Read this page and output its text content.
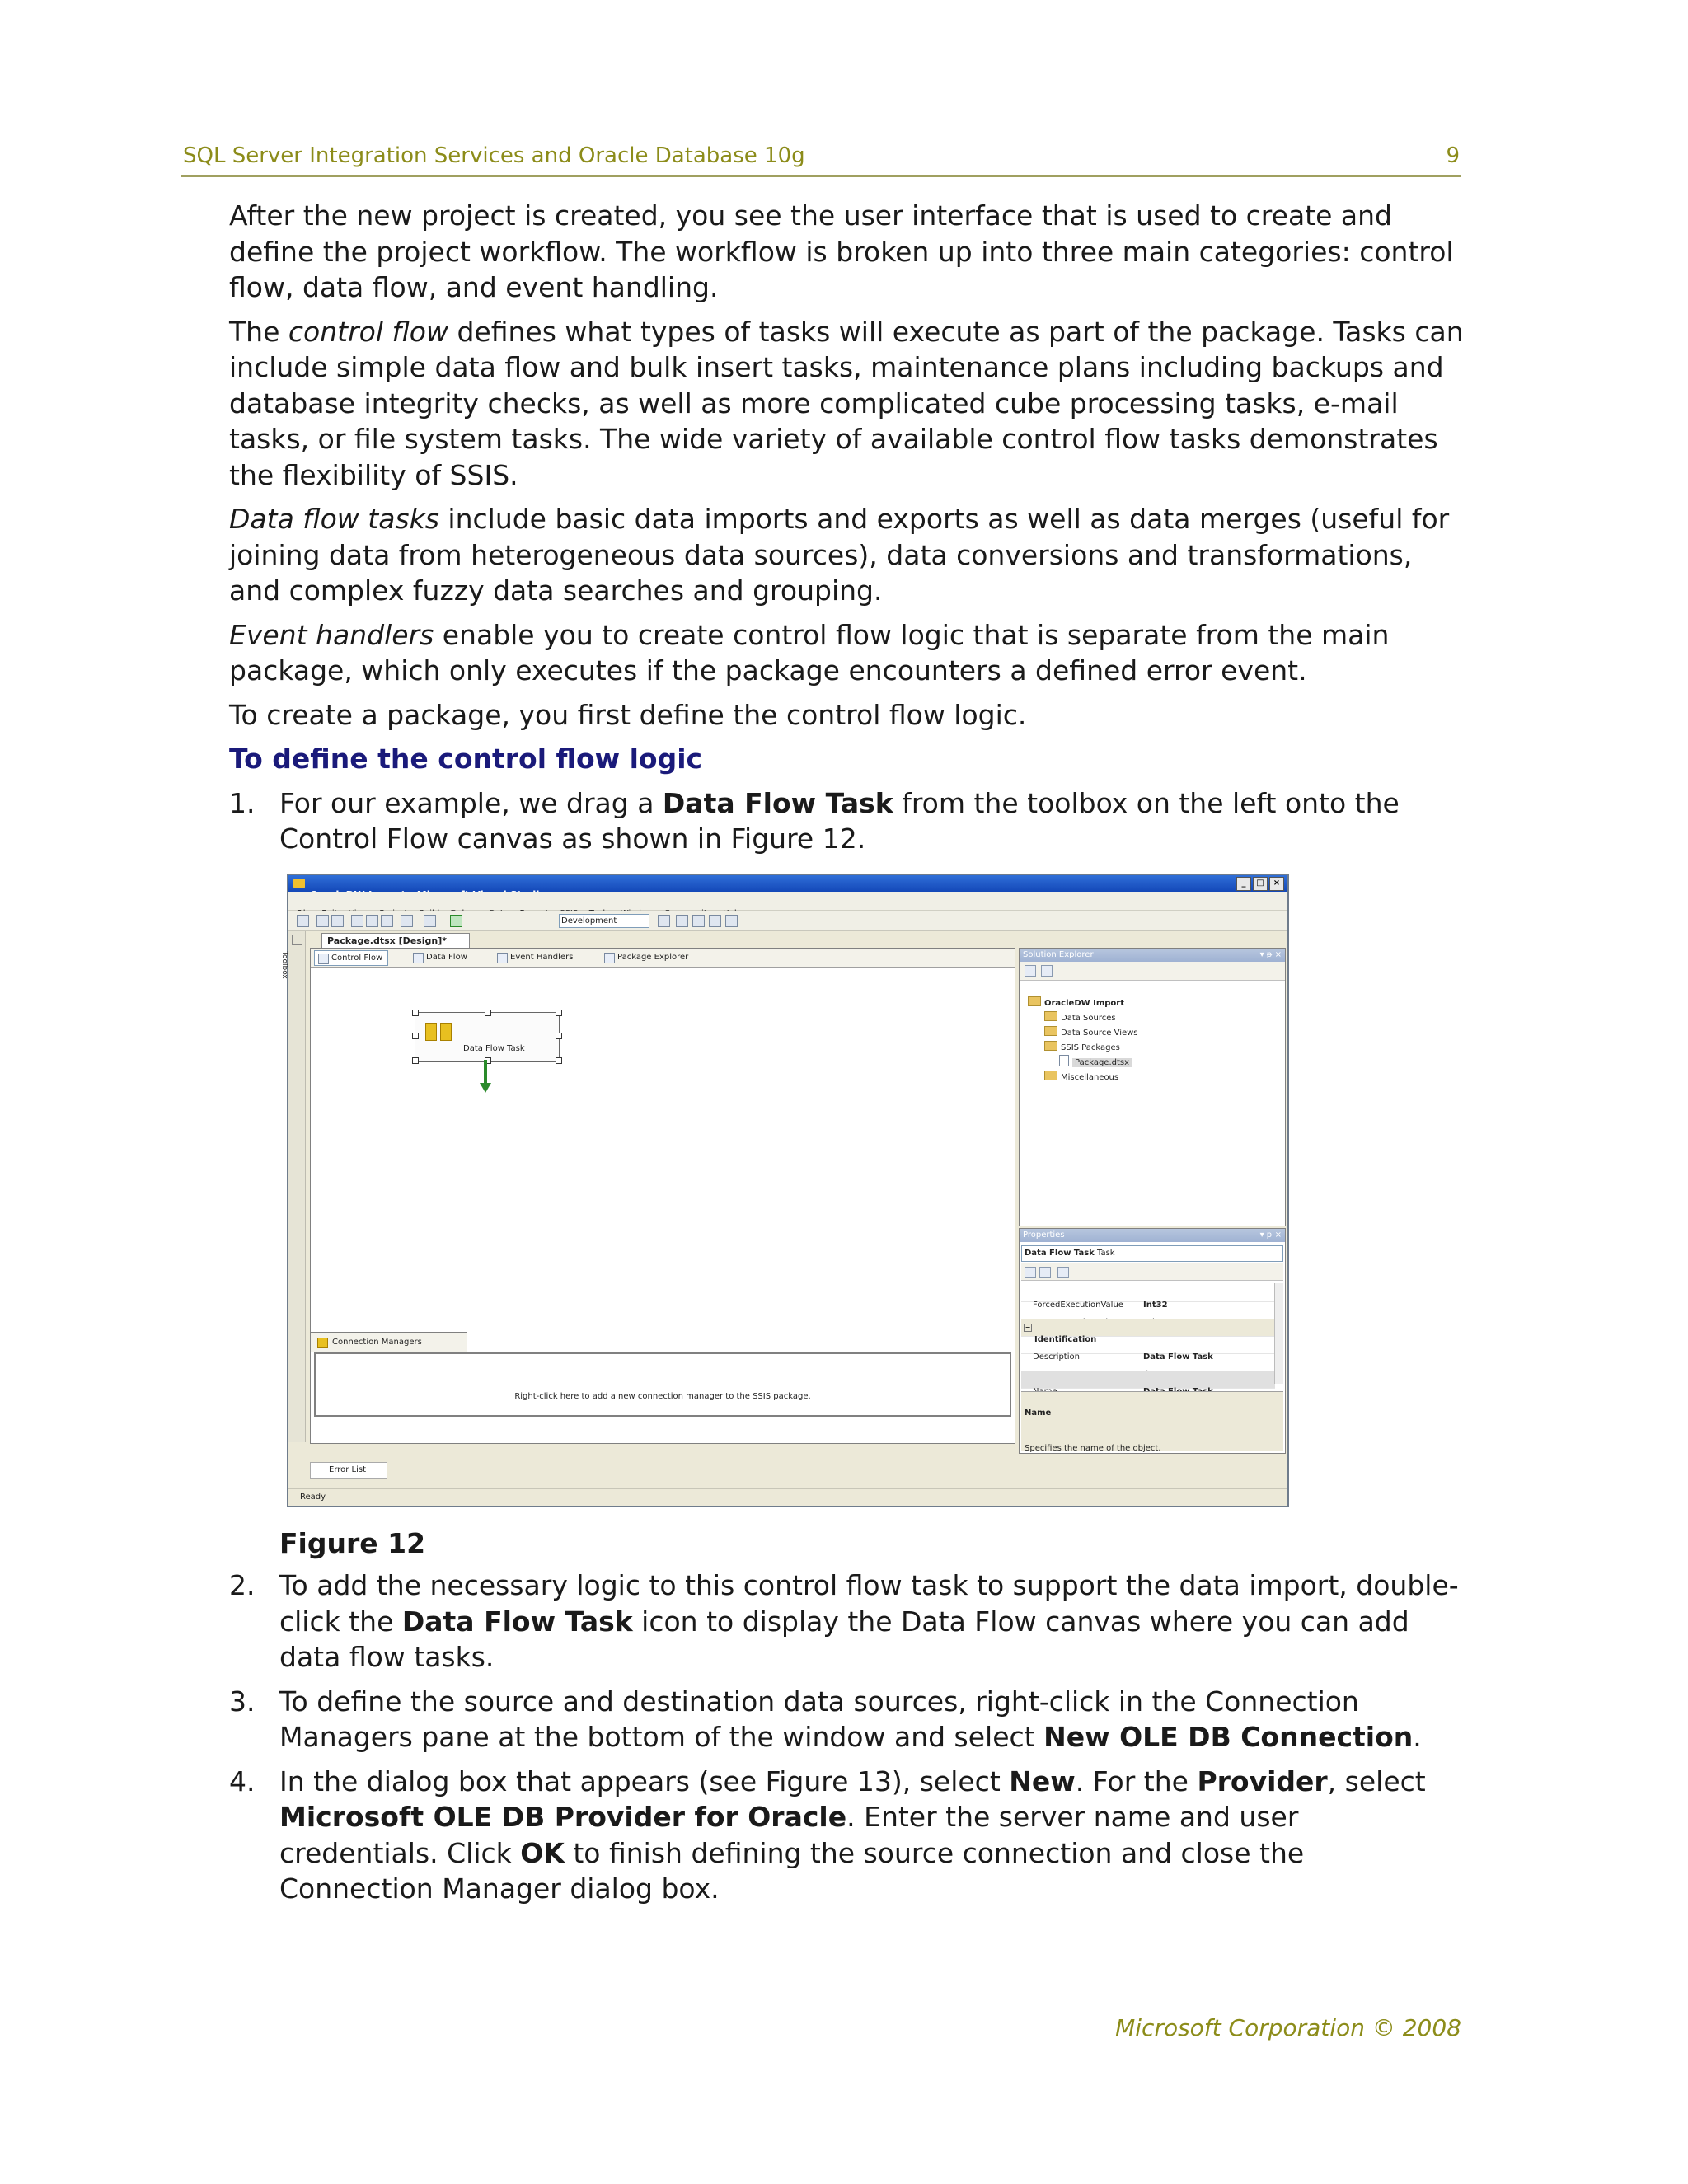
SQL Server Integration Services and Oracle Database 10g	9

After the new project is created, you see the user interface that is used to create and define the project workflow. The workflow is broken up into three main categories: control flow, data flow, and event handling.

The control flow defines what types of tasks will execute as part of the package. Tasks can include simple data flow and bulk insert tasks, maintenance plans including backups and database integrity checks, as well as more complicated cube processing tasks, e-mail tasks, or file system tasks. The wide variety of available control flow tasks demonstrates the flexibility of SSIS.

Data flow tasks include basic data imports and exports as well as data merges (useful for joining data from heterogeneous data sources), data conversions and transformations, and complex fuzzy data searches and grouping.

Event handlers enable you to create control flow logic that is separate from the main package, which only executes if the package encounters a defined error event.

To create a package, you first define the control flow logic.

To define the control flow logic
1. For our example, we drag a Data Flow Task from the toolbox on the left onto the Control Flow canvas as shown in Figure 12.
_	□	×

Development
Toolbox
Package.dtsx [Design]*
Control Flow	Data Flow	Event Handlers	Package Explorer
Data Flow Task
Connection Managers
Right-click here to add a new connection manager to the SSIS package.
Error List
Solution Explorer	▾ ᵽ ×
OracleDW Import
Data Sources
Data Source Views
SSIS Packages
Package.dtsx
Miscellaneous
Properties	▾ ᵽ ×
Data Flow Task Task
ForcedExecutionValue Int32
−
Identification
Description	Data Flow Task
Name
Specifies the name of the object.
Ready
Figure 12
2. To add the necessary logic to this control flow task to support the data import, double-click the Data Flow Task icon to display the Data Flow canvas where you can add data flow tasks.
3. To define the source and destination data sources, right-click in the Connection Managers pane at the bottom of the window and select New OLE DB Connection.
4. In the dialog box that appears (see Figure 13), select New. For the Provider, select Microsoft OLE DB Provider for Oracle. Enter the server name and user credentials. Click OK to finish defining the source connection and close the Connection Manager dialog box.
Microsoft Corporation © 2008
